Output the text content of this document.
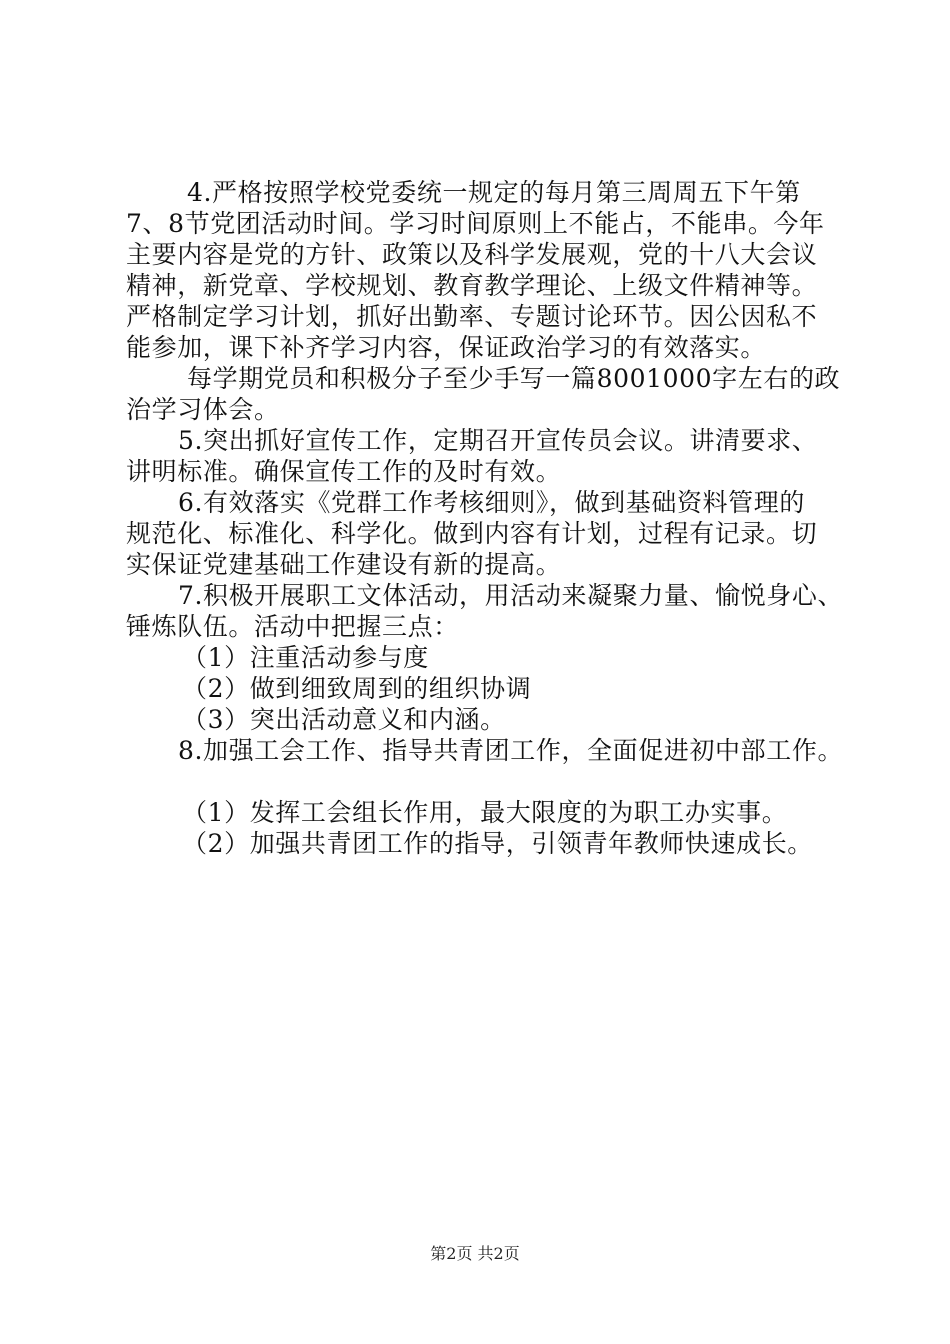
4.严格按照学校党委统一规定的每月第三周周五下午第
7、8节党团活动时间。学习时间原则上不能占，不能串。今年
主要内容是党的方针、政策以及科学发展观，党的十八大会议
精神，新党章、学校规划、教育教学理论、上级文件精神等。
严格制定学习计划，抓好出勤率、专题讨论环节。因公因私不
能参加，课下补齐学习内容，保证政治学习的有效落实。
每学期党员和积极分子至少手写一篇8001000字左右的政
治学习体会。
5.突出抓好宣传工作，定期召开宣传员会议。讲清要求、
讲明标准。确保宣传工作的及时有效。
6.有效落实《党群工作考核细则》，做到基础资料管理的
规范化、标准化、科学化。做到内容有计划，过程有记录。切
实保证党建基础工作建设有新的提高。
7.积极开展职工文体活动，用活动来凝聚力量、愉悦身心、
锤炼队伍。活动中把握三点：
（1）注重活动参与度
（2）做到细致周到的组织协调
（3）突出活动意义和内涵。
8.加强工会工作、指导共青团工作，全面促进初中部工作。
（1）发挥工会组长作用，最大限度的为职工办实事。
（2）加强共青团工作的指导，引领青年教师快速成长。
第2页 共2页
